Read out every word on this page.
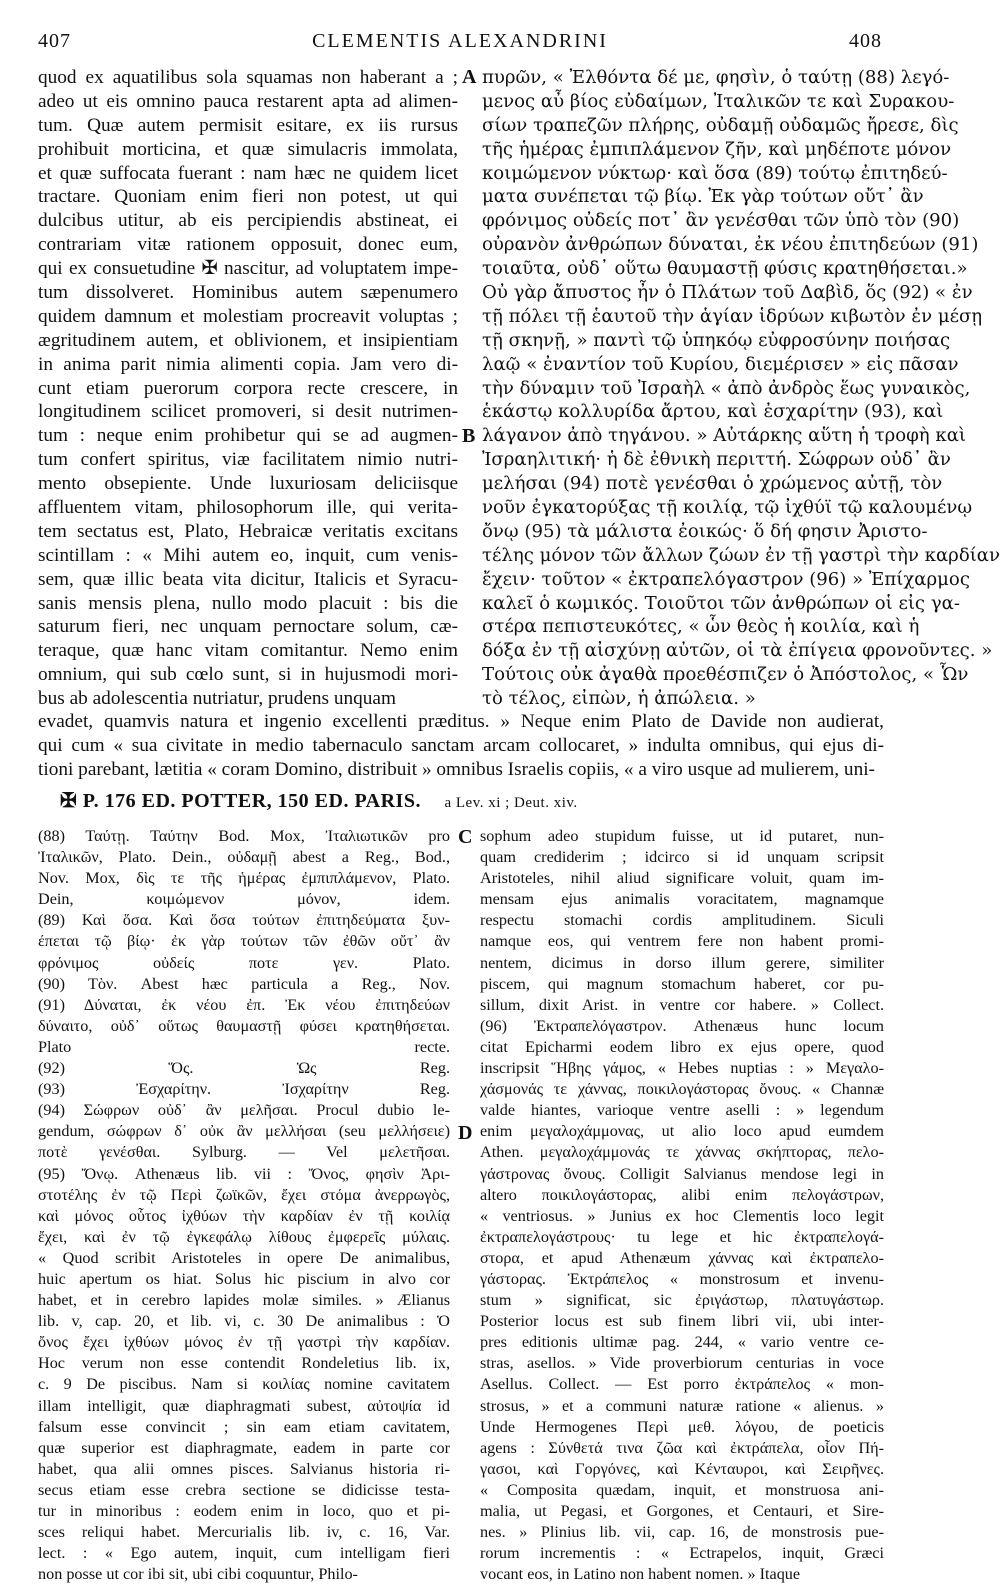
407	CLEMENTIS ALEXANDRINI	408
quod ex aquatilibus sola squamas non haberant a ;
adeo ut eis omnino pauca restarent apta ad alimen-
tum. Quæ autem permisit esitare, ex iis rursus
prohibuit morticina, et quæ simulacris immolata,
et quæ suffocata fuerant : nam hæc ne quidem licet
tractare. Quoniam enim fieri non potest, ut qui
dulcibus utitur, ab eis percipiendis abstineat, ei
contrariam vitæ rationem opposuit, donec eum,
qui ex consuetudine ✠ nascitur, ad voluptatem impe-
tum dissolveret. Hominibus autem sæpenumero
quidem damnum et molestiam procreavit voluptas ;
ægritudinem autem, et oblivionem, et insipientiam
in anima parit nimia alimenti copia. Jam vero di-
cunt etiam puerorum corpora recte crescere, in
longitudinem scilicet promoveri, si desit nutrimen-
tum : neque enim prohibetur qui se ad augmen-
tum confert spiritus, viæ facilitatem nimio nutri-
mento obsepiente. Unde luxuriosam deliciisque
affluentem vitam, philosophorum ille, qui verita-
tem sectatus est, Plato, Hebraicæ veritatis excitans
scintillam : « Mihi autem eo, inquit, cum venis-
sem, quæ illic beata vita dicitur, Italicis et Syracu-
sanis mensis plena, nullo modo placuit : bis die
saturum fieri, nec unquam pernoctare solum, cæ-
teraque, quæ hanc vitam comitantur. Nemo enim
omnium, qui sub cœlo sunt, si in hujusmodi mori-
bus ab adolescentia nutriatur, prudens unquam
πυρῶν, « Ἐλθόντα δέ με, φησὶν, ὁ ταύτῃ (88) λεγό-
μενος αὖ βίος εὐδαίμων, Ἰταλικῶν τε καὶ Συρακου-
σίων τραπεζῶν πλήρης, οὐδαμῇ οὐδαμῶς ἤρεσε, δὶς
τῆς ἡμέρας ἐμπιπλάμενον ζῆν, καὶ μηδέποτε μόνον
κοιμώμενον νύκτωρ· καὶ ὅσα (89) τούτῳ ἐπιτηδεύ-
ματα συνέπεται τῷ βίῳ. Ἐκ γὰρ τούτων οὔτ᾽ ἂν
φρόνιμος οὐδείς ποτ᾽ ἂν γενέσθαι τῶν ὑπὸ τὸν (90)
οὐρανὸν ἀνθρώπων δύναται, ἐκ νέου ἐπιτηδεύων (91)
τοιαῦτα, οὐδ᾽ οὕτω θαυμαστῇ φύσις κρατηθήσεται.»
Οὐ γὰρ ἄπυστος ἦν ὁ Πλάτων τοῦ Δαβὶδ, ὅς (92) « ἐν
τῇ πόλει τῇ ἑαυτοῦ τὴν ἁγίαν ἱδρύων κιβωτὸν ἐν μέσῃ
τῇ σκηνῇ, » παντὶ τῷ ὑπηκόῳ εὐφροσύνην ποιήσας
λαῷ « ἐναντίον τοῦ Κυρίου, διεμέρισεν » εἰς πᾶσαν
τὴν δύναμιν τοῦ Ἰσραὴλ « ἀπὸ ἀνδρὸς ἕως γυναικὸς,
ἑκάστῳ κολλυρίδα ἄρτου, καὶ ἐσχαρίτην (93), καὶ
λάγανον ἀπὸ τηγάνου. » Αὐτάρκης αὕτη ἡ τροφὴ καὶ
Ἰσραηλιτική· ἡ δὲ ἐθνικὴ περιττή. Σώφρων οὐδ᾽ ἂν
μελήσαι (94) ποτὲ γενέσθαι ὁ χρώμενος αὐτῇ, τὸν
νοῦν ἐγκατορύξας τῇ κοιλίᾳ, τῷ ἰχθύϊ τῷ καλουμένῳ
ὄνῳ (95) τὰ μάλιστα ἐοικώς· ὅ δή φησιν Ἀριστο-
τέλης μόνον τῶν ἄλλων ζώων ἐν τῇ γαστρὶ τὴν καρδίαν
ἔχειν· τοῦτον « ἐκτραπελόγαστρον (96) » Ἐπίχαρμος
καλεῖ ὁ κωμικός. Τοιοῦτοι τῶν ἀνθρώπων οἱ εἰς γα-
στέρα πεπιστευκότες, « ὧν θεὸς ἡ κοιλία, καὶ ἡ
δόξα ἐν τῇ αἰσχύνῃ αὐτῶν, οἱ τὰ ἐπίγεια φρονοῦντες. »
Τούτοις οὐκ ἀγαθὰ προεθέσπιζεν ὁ Ἀπόστολος, « Ὧν
τὸ τέλος, εἰπὼν, ἡ ἀπώλεια. »
A
B
C
D
evadet, quamvis natura et ingenio excellenti præditus. » Neque enim Plato de Davide non audierat,
qui cum « sua civitate in medio tabernaculo sanctam arcam collocaret, » indulta omnibus, qui ejus di-
tioni parebant, lætitia « coram Domino, distribuit » omnibus Israelis copiis, « a viro usque ad mulierem, uni-
✠ P. 176 ED. POTTER, 150 ED. PARIS. a Lev. xi ; Deut. xiv.
(88) Ταύτῃ. Ταύτην Bod. Mox, Ἰταλιωτικῶν pro
Ἰταλικῶν, Plato. Dein., οὐδαμῇ abest a Reg., Bod.,
Nov. Mox, δὶς τε τῆς ἡμέρας ἐμπιπλάμενον, Plato.
Dein, κοιμώμενον μόνον, idem.
(89) Καὶ ὅσα. Καὶ ὅσα τούτων ἐπιτηδεύματα ξυν-
έπεται τῷ βίῳ· ἐκ γὰρ τούτων τῶν ἐθῶν οὔτ᾽ ἂν
φρόνιμος οὐδείς ποτε γεν. Plato.
(90) Τὸν. Abest hæc particula a Reg., Nov.
(91) Δύναται, ἐκ νέου ἐπ. Ἐκ νέου ἐπιτηδεύων
δύναιτο, οὐδ᾽ οὕτως θαυμαστῇ φύσει κρατηθήσεται.
Plato recte.
(92) Ὅς. Ὡς Reg.
(93) Ἐσχαρίτην. Ἰσχαρίτην Reg.
(94) Σώφρων οὐδ᾽ ἂν μελῆσαι. Procul dubio le-
gendum, σώφρων δ᾽ οὐκ ἂν μελλήσαι (seu μελλήσειε)
ποτὲ γενέσθαι. Sylburg. — Vel μελετῆσαι.
(95) Ὄνῳ. Athenæus lib. vii : Ὄνος, φησὶν Ἀρι-
στοτέλης ἐν τῷ Περὶ ζωϊκῶν, ἔχει στόμα ἀνερρωγὸς,
καὶ μόνος οὗτος ἰχθύων τὴν καρδίαν ἐν τῇ κοιλίᾳ
ἔχει, καὶ ἐν τῷ ἐγκεφάλῳ λίθους ἐμφερεῖς μύλαις.
« Quod scribit Aristoteles in opere De animalibus,
huic apertum os hiat. Solus hic piscium in alvo cor
habet, et in cerebro lapides molæ similes. » Ælianus
lib. v, cap. 20, et lib. vi, c. 30 De animalibus : Ὁ
ὄνος ἔχει ἰχθύων μόνος ἐν τῇ γαστρὶ τὴν καρδίαν.
Hoc verum non esse contendit Rondeletius lib. ix,
c. 9 De piscibus. Nam si κοιλίας nomine cavitatem
illam intelligit, quæ diaphragmati subest, αὐτοψία id
falsum esse convincit ; sin eam etiam cavitatem,
quæ superior est diaphragmate, eadem in parte cor
habet, qua alii omnes pisces. Salvianus historia ri-
secus etiam esse crebra sectione se didicisse testa-
tur in minoribus : eodem enim in loco, quo et pi-
sces reliqui habet. Mercurialis lib. iv, c. 16, Var.
lect. : « Ego autem, inquit, cum intelligam fieri
non posse ut cor ibi sit, ubi cibi coquuntur, Philo-
sophum adeo stupidum fuisse, ut id putaret, nun-
quam crediderim ; idcirco si id unquam scripsit
Aristoteles, nihil aliud significare voluit, quam im-
mensam ejus animalis voracitatem, magnamque
respectu stomachi cordis amplitudinem. Siculi
namque eos, qui ventrem fere non habent promi-
nentem, dicimus in dorso illum gerere, similiter
piscem, qui magnum stomachum haberet, cor pu-
sillum, dixit Arist. in ventre cor habere. » Collect.
(96) Ἐκτραπελόγαστρον. Athenæus hunc locum
citat Epicharmi eodem libro ex ejus opere, quod
inscripsit Ἥβης γάμος, « Hebes nuptias : » Μεγαλο-
χάσμονάς τε χάννας, ποικιλογάστορας ὄνους. « Channæ
valde hiantes, varioque ventre aselli : » legendum
enim μεγαλοχάμμονας, ut alio loco apud eumdem
Athen. μεγαλοχάμμονάς τε χάννας σκήπτορας, πελο-
γάστρονας ὄνους. Colligit Salvianus mendose legi in
altero ποικιλογάστορας, alibi enim πελογάστρων,
« ventriosus. » Junius ex hoc Clementis loco legit
ἐκτραπελογάστρους· tu lege et hic ἐκτραπελογά-
στορα, et apud Athenæum χάννας καὶ ἐκτραπελο-
γάστορας. Ἐκτράπελος « monstrosum et invenu-
stum » significat, sic ἐριγάστωρ, πλατυγάστωρ.
Posterior locus est sub finem libri vii, ubi inter-
pres editionis ultimæ pag. 244, « vario ventre ce-
stras, asellos. » Vide proverbiorum centurias in voce
Asellus. Collect. — Est porro ἐκτράπελος « mon-
strosus, » et a communi naturæ ratione « alienus. »
Unde Hermogenes Περὶ μεθ. λόγου, de poeticis
agens : Σύνθετά τινα ζῶα καὶ ἐκτράπελα, οἷον Πή-
γασοι, καὶ Γοργόνες, καὶ Κένταυροι, καὶ Σειρῆνες.
« Composita quædam, inquit, et monstruosa ani-
malia, ut Pegasi, et Gorgones, et Centauri, et Sire-
nes. » Plinius lib. vii, cap. 16, de monstrosis pue-
rorum incrementis : « Ectrapelos, inquit, Græci
vocant eos, in Latino non habent nomen. » Itaque
